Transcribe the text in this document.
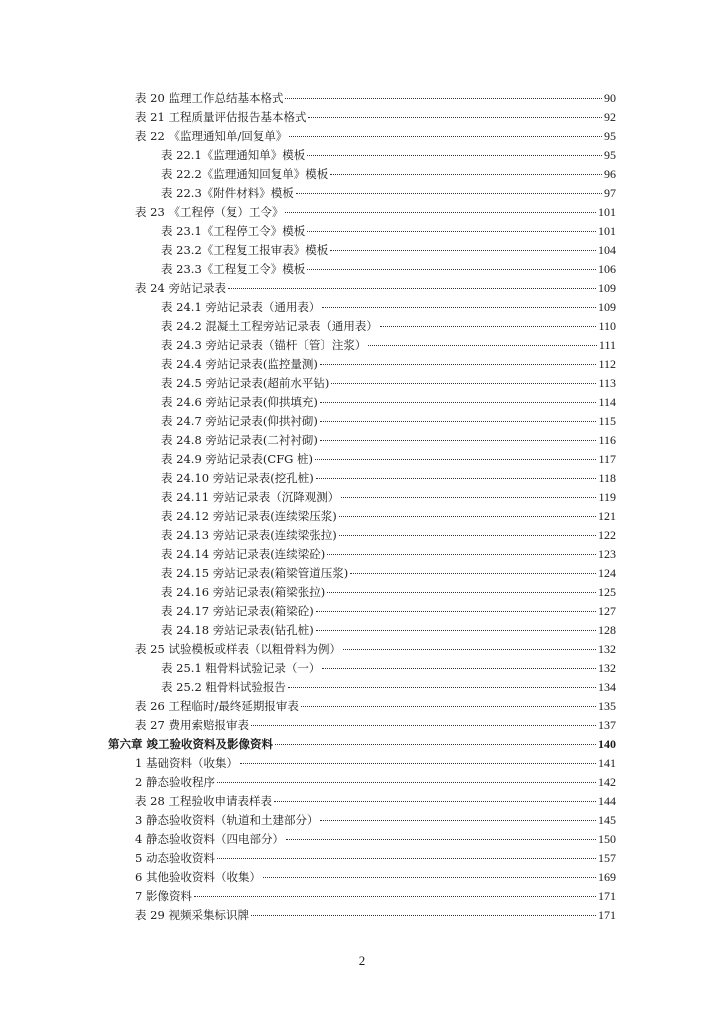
表 20 监理工作总结基本格式	90
表 21 工程质量评估报告基本格式	92
表 22 《监理通知单/回复单》	95
表 22.1《监理通知单》模板	95
表 22.2《监理通知回复单》模板	96
表 22.3《附件材料》模板	97
表 23 《工程停（复）工令》	101
表 23.1《工程停工令》模板	101
表 23.2《工程复工报审表》模板	104
表 23.3《工程复工令》模板	106
表 24 旁站记录表	109
表 24.1 旁站记录表（通用表）	109
表 24.2 混凝土工程旁站记录表（通用表）	110
表 24.3 旁站记录表（锚杆〔管〕注浆）	111
表 24.4 旁站记录表(监控量测)	112
表 24.5 旁站记录表(超前水平钻)	113
表 24.6 旁站记录表(仰拱填充)	114
表 24.7 旁站记录表(仰拱衬砌)	115
表 24.8 旁站记录表(二衬衬砌)	116
表 24.9 旁站记录表(CFG 桩)	117
表 24.10 旁站记录表(挖孔桩)	118
表 24.11 旁站记录表（沉降观测）	119
表 24.12 旁站记录表(连续梁压浆)	121
表 24.13 旁站记录表(连续梁张拉)	122
表 24.14 旁站记录表(连续梁砼)	123
表 24.15 旁站记录表(箱梁管道压浆)	124
表 24.16 旁站记录表(箱梁张拉)	125
表 24.17 旁站记录表(箱梁砼)	127
表 24.18 旁站记录表(钻孔桩)	128
表 25 试验模板或样表（以粗骨料为例）	132
表 25.1 粗骨料试验记录（一）	132
表 25.2 粗骨料试验报告	134
表 26 工程临时/最终延期报审表	135
表 27 费用索赔报审表	137
第六章 竣工验收资料及影像资料	140
1 基础资料（收集）	141
2 静态验收程序	142
表 28 工程验收申请表样表	144
3 静态验收资料（轨道和土建部分）	145
4 静态验收资料（四电部分）	150
5 动态验收资料	157
6 其他验收资料（收集）	169
7 影像资料	171
表 29 视频采集标识牌	171
2
